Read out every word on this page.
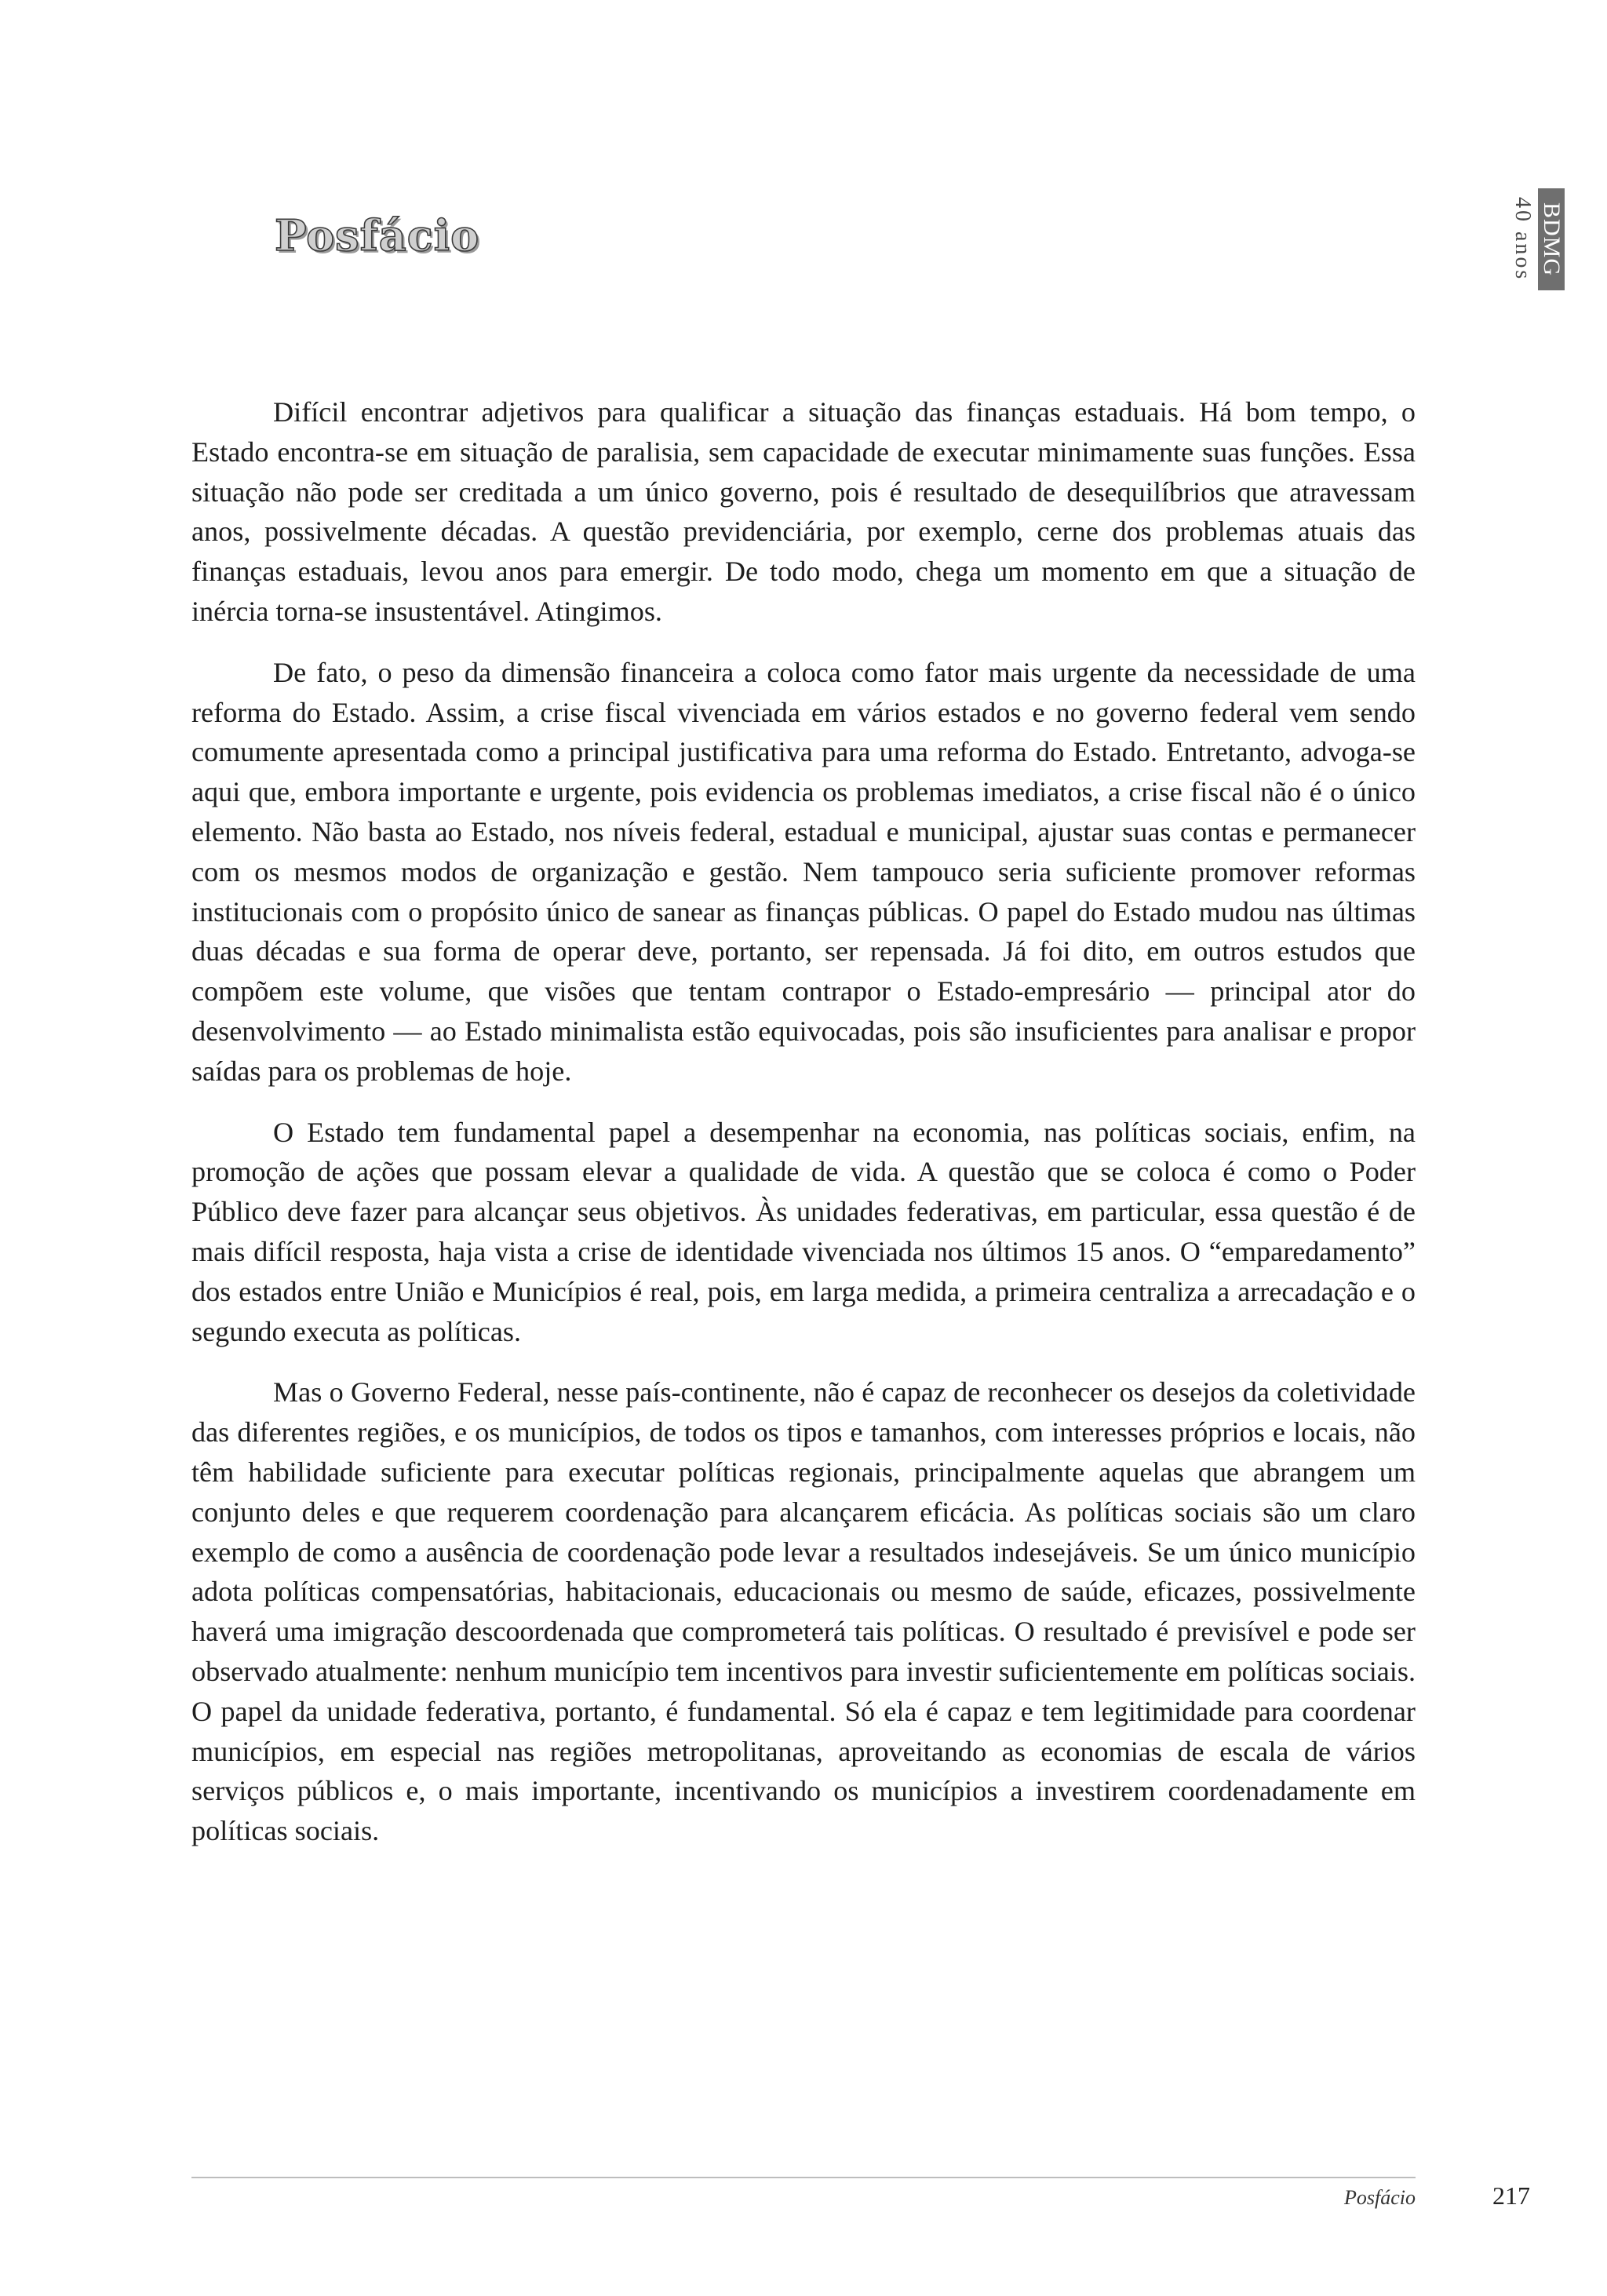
Posfácio	40 anos BDMG

Difícil encontrar adjetivos para qualificar a situação das finanças estaduais. Há bom tempo, o Estado encontra-se em situação de paralisia, sem capacidade de executar minimamente suas funções. Essa situação não pode ser creditada a um único governo, pois é resultado de desequilíbrios que atravessam anos, possivelmente décadas. A questão previdenciária, por exemplo, cerne dos problemas atuais das finanças estaduais, levou anos para emergir. De todo modo, chega um momento em que a situação de inércia torna-se insustentável. Atingimos.

De fato, o peso da dimensão financeira a coloca como fator mais urgente da necessidade de uma reforma do Estado. Assim, a crise fiscal vivenciada em vários estados e no governo federal vem sendo comumente apresentada como a principal justificativa para uma reforma do Estado. Entretanto, advoga-se aqui que, embora importante e urgente, pois evidencia os problemas imediatos, a crise fiscal não é o único elemento. Não basta ao Estado, nos níveis federal, estadual e municipal, ajustar suas contas e permanecer com os mesmos modos de organização e gestão. Nem tampouco seria suficiente promover reformas institucionais com o propósito único de sanear as finanças públicas. O papel do Estado mudou nas últimas duas décadas e sua forma de operar deve, portanto, ser repensada. Já foi dito, em outros estudos que compõem este volume, que visões que tentam contrapor o Estado-empresário — principal ator do desenvolvimento — ao Estado minimalista estão equivocadas, pois são insuficientes para analisar e propor saídas para os problemas de hoje.

O Estado tem fundamental papel a desempenhar na economia, nas políticas sociais, enfim, na promoção de ações que possam elevar a qualidade de vida. A questão que se coloca é como o Poder Público deve fazer para alcançar seus objetivos. Às unidades federativas, em particular, essa questão é de mais difícil resposta, haja vista a crise de identidade vivenciada nos últimos 15 anos. O “emparedamento” dos estados entre União e Municípios é real, pois, em larga medida, a primeira centraliza a arrecadação e o segundo executa as políticas.

Mas o Governo Federal, nesse país-continente, não é capaz de reconhecer os desejos da coletividade das diferentes regiões, e os municípios, de todos os tipos e tamanhos, com interesses próprios e locais, não têm habilidade suficiente para executar políticas regionais, principalmente aquelas que abrangem um conjunto deles e que requerem coordenação para alcançarem eficácia. As políticas sociais são um claro exemplo de como a ausência de coordenação pode levar a resultados indesejáveis. Se um único município adota políticas compensatórias, habitacionais, educacionais ou mesmo de saúde, eficazes, possivelmente haverá uma imigração descoordenada que comprometerá tais políticas. O resultado é previsível e pode ser observado atualmente: nenhum município tem incentivos para investir suficientemente em políticas sociais. O papel da unidade federativa, portanto, é fundamental. Só ela é capaz e tem legitimidade para coordenar municípios, em especial nas regiões metropolitanas, aproveitando as economias de escala de vários serviços públicos e, o mais importante, incentivando os municípios a investirem coordenadamente em políticas sociais.

Posfácio	217
